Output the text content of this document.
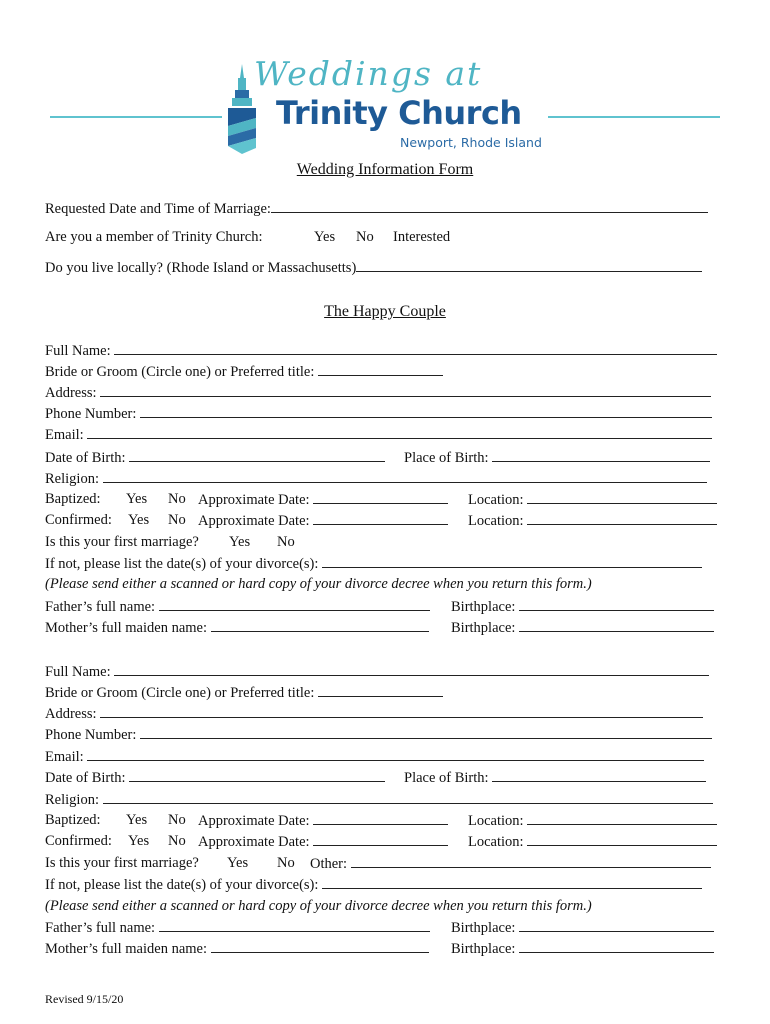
Weddings at
Trinity Church
Newport, Rhode Island
Wedding Information Form
Requested Date and Time of Marriage:
Are you a member of Trinity Church:	Yes No Interested
Do you live locally? (Rhode Island or Massachusetts)
The Happy Couple
Full Name:
Bride or Groom (Circle one) or Preferred title:
Address:
Phone Number:
Email:
Date of Birth:	Place of Birth:
Religion:
Baptized: Yes No Approximate Date:	Location:
Confirmed: Yes No Approximate Date:	Location:
Is this your first marriage? Yes No
If not, please list the date(s) of your divorce(s):
(Please send either a scanned or hard copy of your divorce decree when you return this form.)
Father’s full name:	Birthplace:
Mother’s full maiden name:	Birthplace:
Full Name:
Bride or Groom (Circle one) or Preferred title:
Address:
Phone Number:
Email:
Date of Birth:	Place of Birth:
Religion:
Baptized: Yes No Approximate Date:	Location:
Confirmed: Yes No Approximate Date:	Location:
Is this your first marriage? Yes No Other:
If not, please list the date(s) of your divorce(s):
(Please send either a scanned or hard copy of your divorce decree when you return this form.)
Father’s full name:	Birthplace:
Mother’s full maiden name:	Birthplace:
Revised 9/15/20
